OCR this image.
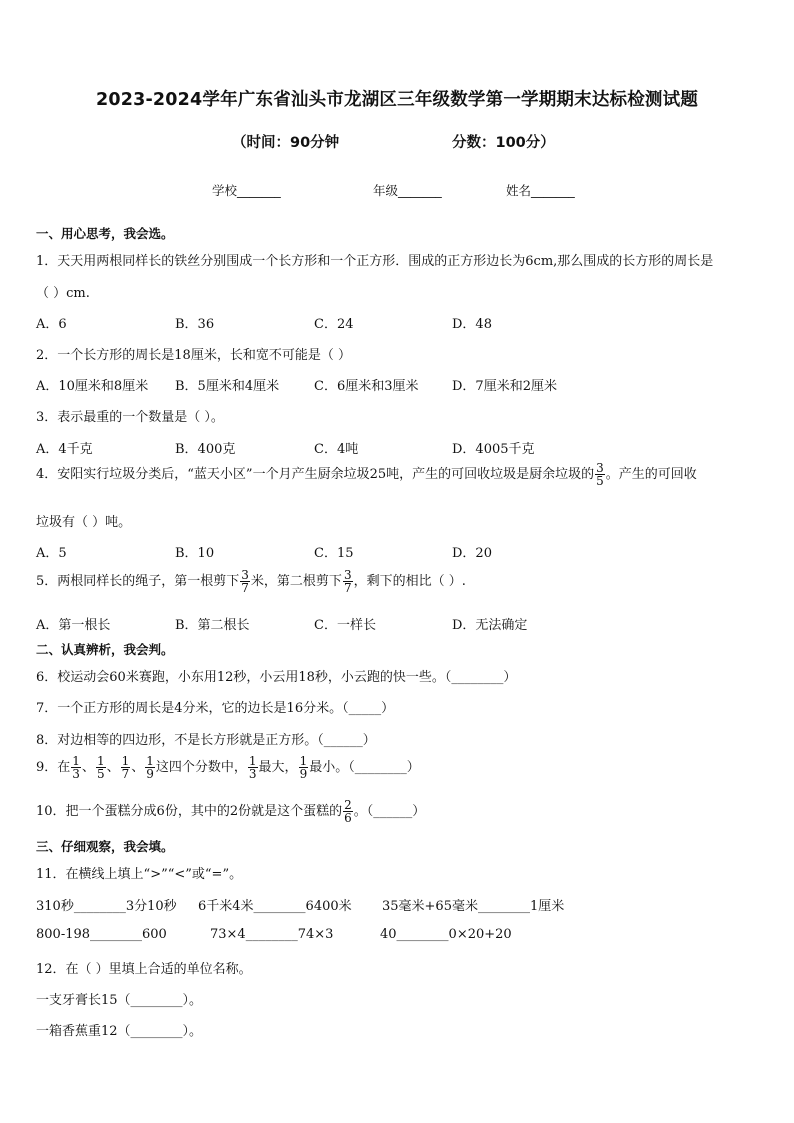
2023-2024学年广东省汕头市龙湖区三年级数学第一学期期末达标检测试题
（时间：90分钟	分数：100分）
学校_______	年级_______	姓名_______
一、用心思考，我会选。
1．天天用两根同样长的铁丝分别围成一个长方形和一个正方形．围成的正方形边长为6cm,那么围成的长方形的周长是
（ ）cm.
A．6	B．36	C．24	D．48
2．一个长方形的周长是18厘米，长和宽不可能是（ ）
A．10厘米和8厘米 B．5厘米和4厘米	C．6厘米和3厘米	D．7厘米和2厘米
3．表示最重的一个数量是（ ）。
A．4千克	B．400克	C．4吨	D．4005千克
4．安阳实行垃圾分类后，“蓝天小区”一个月产生厨余垃圾25吨，产生的可回收垃圾是厨余垃圾的 $\frac{3}{5}$ 。产生的可回收
垃圾有（ ）吨。
A．5	B．10	C．15	D．20
5．两根同样长的绳子，第一根剪下 $\frac{3}{7}$ 米，第二根剪下 $\frac{3}{7}$ ，剩下的相比（ ）.
A．第一根长	B．第二根长	C．一样长	D．无法确定
二、认真辨析，我会判。
6．校运动会60米赛跑，小东用12秒，小云用18秒，小云跑的快一些。（________）
7．一个正方形的周长是4分米，它的边长是16分米。（_____）
8．对边相等的四边形，不是长方形就是正方形。（______）
9．在 $\frac{1}{3}$ 、 $\frac{1}{5}$ 、 $\frac{1}{7}$ 、 $\frac{1}{9}$ 这四个分数中， $\frac{1}{3}$ 最大， $\frac{1}{9}$ 最小。（________）
10．把一个蛋糕分成6份，其中的2份就是这个蛋糕的 $\frac{2}{6}$ 。（______）
三、仔细观察，我会填。
11．在横线上填上“>”“<”或“=”。
310秒________3分10秒 6千米4米________6400米 35毫米+65毫米________1厘米
800-198________600	73×4________74×3	40________0×20+20
12．在（ ）里填上合适的单位名称。
一支牙膏长15（________）。
一箱香蕉重12（________）。
